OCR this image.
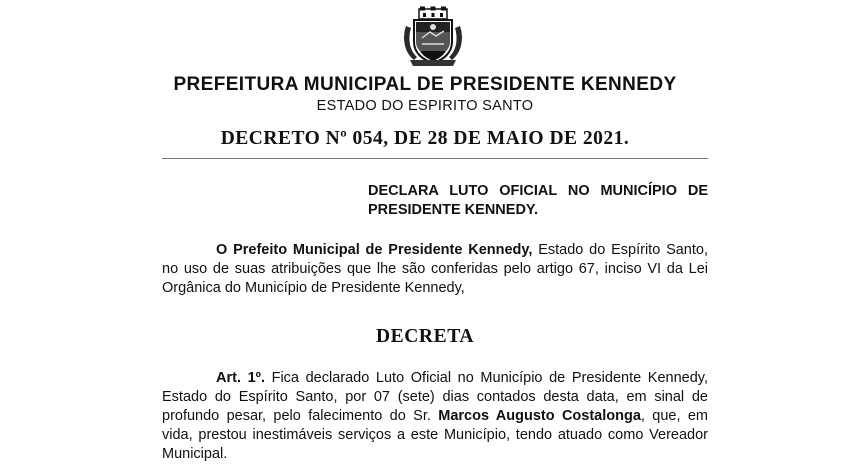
PREFEITURA MUNICIPAL DE PRESIDENTE KENNEDY
ESTADO DO ESPIRITO SANTO
DECRETO Nº 054, DE 28 DE MAIO DE 2021.
DECLARA LUTO OFICIAL NO MUNICÍPIO DE
PRESIDENTE KENNEDY.
O Prefeito Municipal de Presidente Kennedy, Estado do Espírito Santo,
no uso de suas atribuições que lhe são conferidas pelo artigo 67, inciso VI da Lei
Orgânica do Município de Presidente Kennedy,
DECRETA
Art. 1º. Fica declarado Luto Oficial no Município de Presidente Kennedy,
Estado do Espírito Santo, por 07 (sete) dias contados desta data, em sinal de
profundo pesar, pelo falecimento do Sr. Marcos Augusto Costalonga, que, em
vida, prestou inestimáveis serviços a este Município, tendo atuado como Vereador
Municipal.
